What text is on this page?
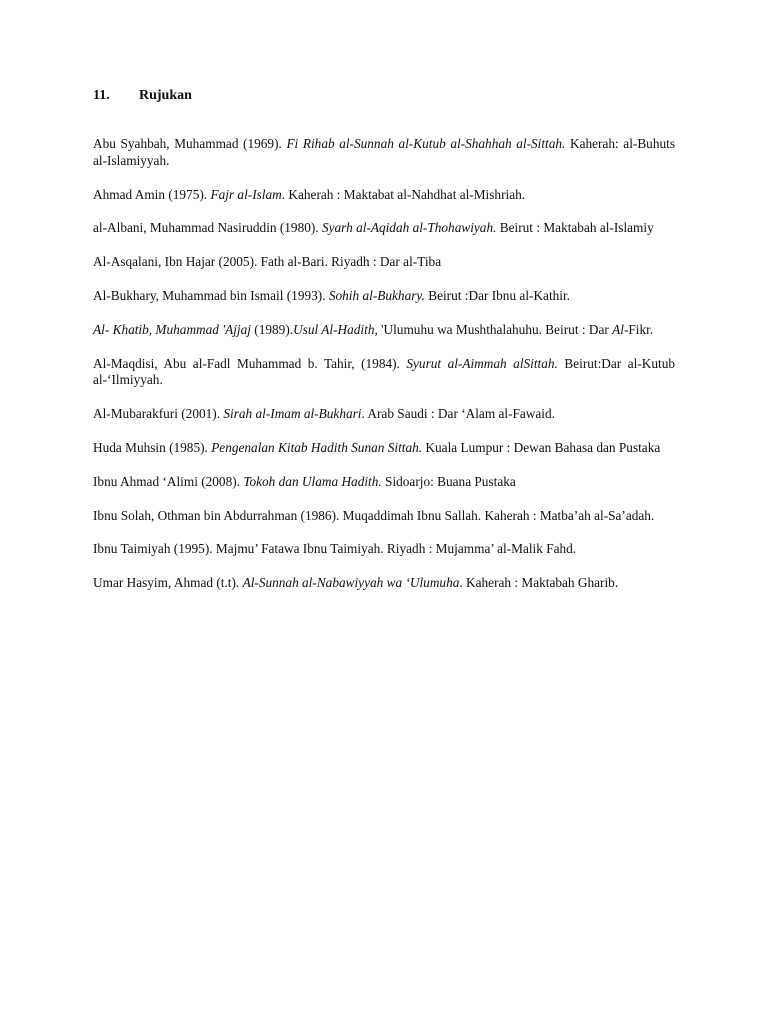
11.	Rujukan
Abu Syahbah, Muhammad (1969). Fi Rihab al-Sunnah al-Kutub al-Shahhah al-Sittah. Kaherah: al-Buhuts al-Islamiyyah.
Ahmad Amin (1975). Fajr al-Islam. Kaherah : Maktabat al-Nahdhat al-Mishriah.
al-Albani, Muhammad Nasiruddin (1980). Syarh al-Aqidah al-Thohawiyah. Beirut : Maktabah al-Islamiy
Al-Asqalani, Ibn Hajar (2005). Fath al-Bari. Riyadh : Dar al-Tiba
Al-Bukhary, Muhammad bin Ismail (1993). Sohih al-Bukhary. Beirut :Dar Ibnu al-Kathir.
Al- Khatib, Muhammad 'Ajjaj (1989).Usul Al-Hadith, 'Ulumuhu wa Mushthalahuhu. Beirut : Dar Al-Fikr.
Al-Maqdisi, Abu al-Fadl Muhammad b. Tahir, (1984). Syurut al-Aimmah alSittah. Beirut:Dar al-Kutub al-‘Ilmiyyah.
Al-Mubarakfuri (2001). Sirah al-Imam al-Bukhari. Arab Saudi : Dar ‘Alam al-Fawaid.
Huda Muhsin (1985). Pengenalan Kitab Hadith Sunan Sittah. Kuala Lumpur : Dewan Bahasa dan Pustaka
Ibnu Ahmad ‘Alimi (2008). Tokoh dan Ulama Hadith. Sidoarjo: Buana Pustaka
Ibnu Solah, Othman bin Abdurrahman (1986). Muqaddimah Ibnu Sallah. Kaherah : Matba’ah al-Sa’adah.
Ibnu Taimiyah (1995). Majmu’ Fatawa Ibnu Taimiyah. Riyadh : Mujamma’ al-Malik Fahd.
Umar Hasyim, Ahmad (t.t). Al-Sunnah al-Nabawiyyah wa ‘Ulumuha. Kaherah : Maktabah Gharib.
